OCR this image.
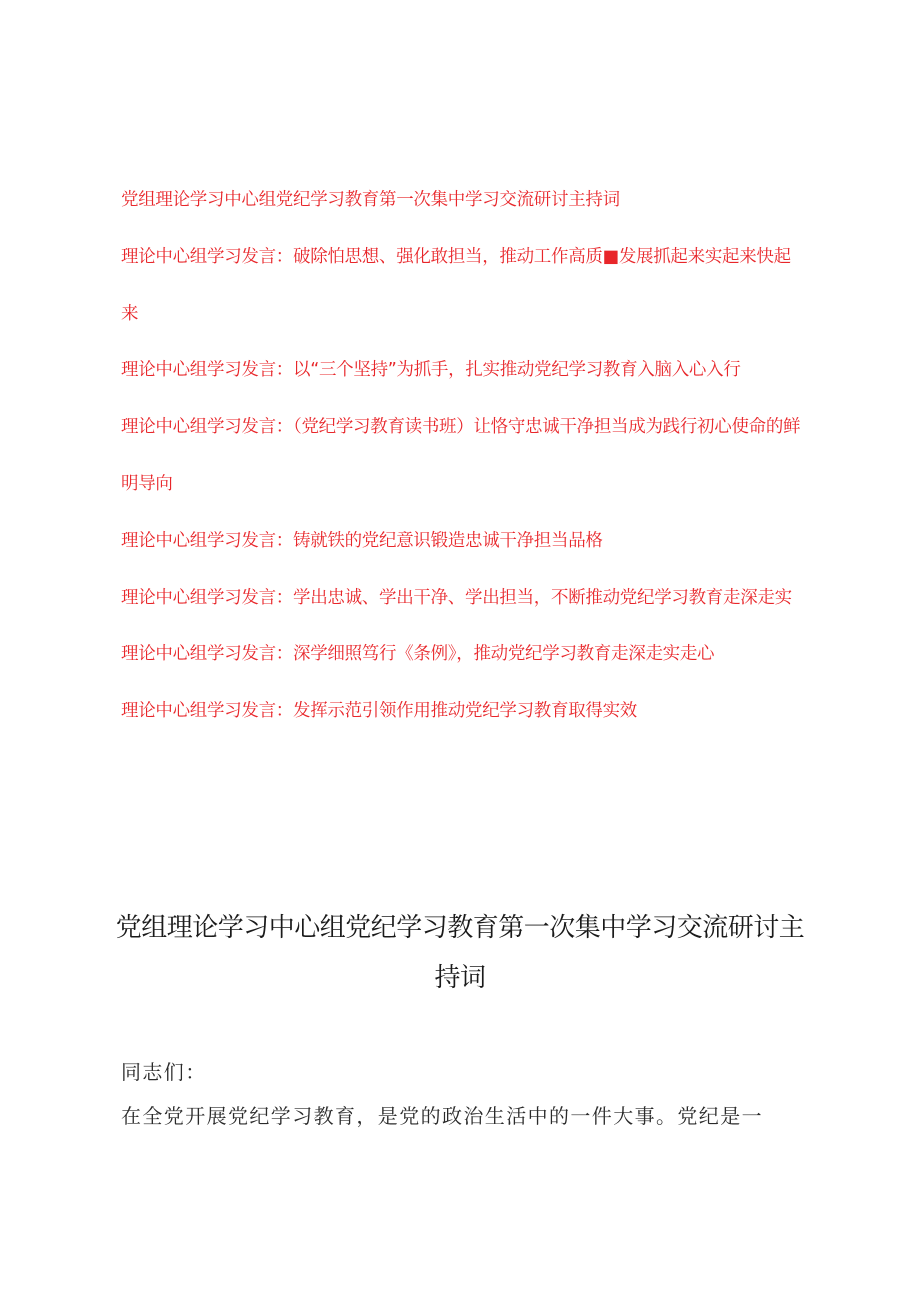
党组理论学习中心组党纪学习教育第一次集中学习交流研讨主持词
理论中心组学习发言：破除怕思想、强化敢担当，推动工作高质■发展抓起来实起来快起来
理论中心组学习发言：以“三个坚持”为抓手，扎实推动党纪学习教育入脑入心入行
理论中心组学习发言：（党纪学习教育读书班）让恪守忠诚干净担当成为践行初心使命的鲜明导向
理论中心组学习发言：铸就铁的党纪意识锻造忠诚干净担当品格
理论中心组学习发言：学出忠诚、学出干净、学出担当，不断推动党纪学习教育走深走实
理论中心组学习发言：深学细照笃行《条例》，推动党纪学习教育走深走实走心
理论中心组学习发言：发挥示范引领作用推动党纪学习教育取得实效
党组理论学习中心组党纪学习教育第一次集中学习交流研讨主持词

同志们：

在全党开展党纪学习教育，是党的政治生活中的一件大事。党纪是一
